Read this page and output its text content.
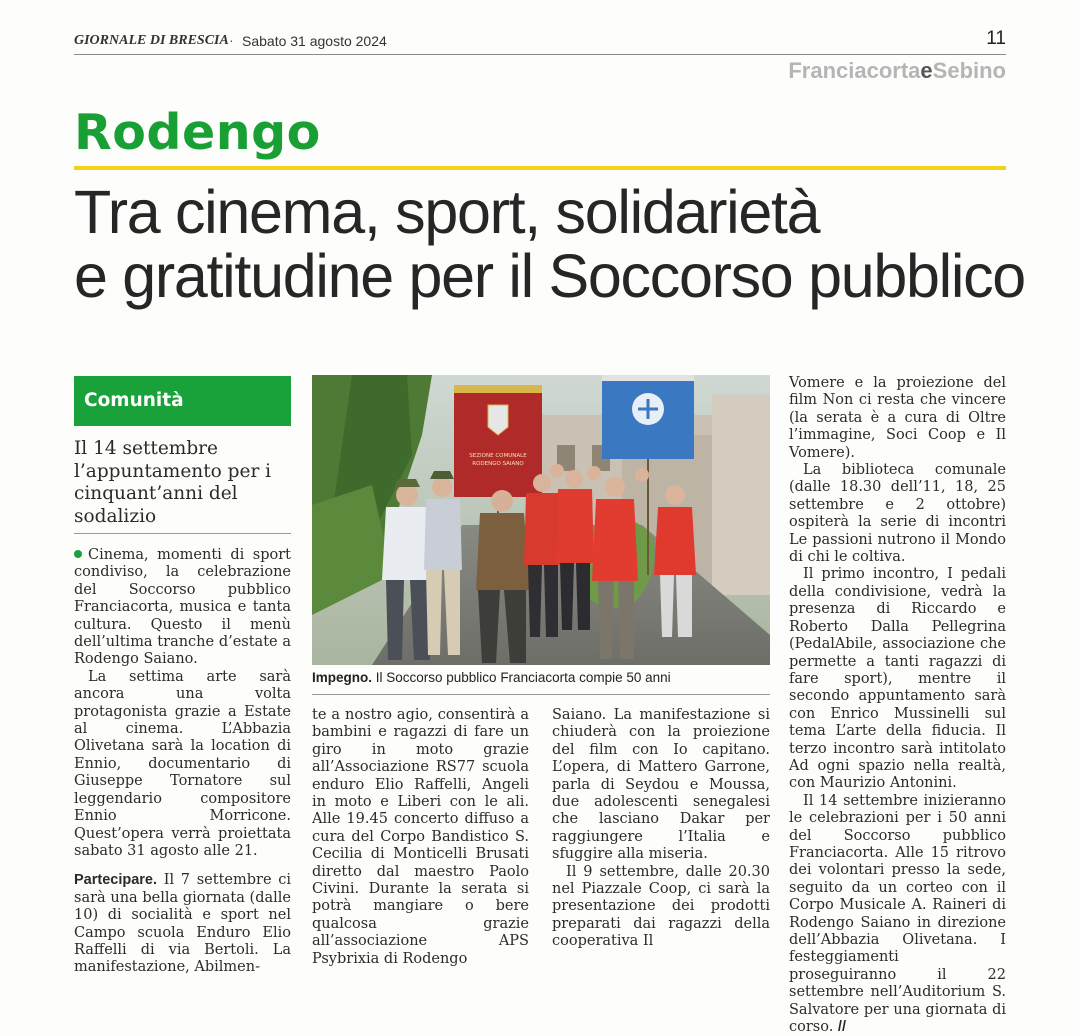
GIORNALE DI BRESCIA · Sabato 31 agosto 2024	11
FranciacortaeSebino
Rodengo
Tra cinema, sport, solidarietà
e gratitudine per il Soccorso pubblico
Comunità
Il 14 settembre l’appuntamento per i cinquant’anni del sodalizio

Cinema, momenti di sport condiviso, la celebrazione del Soccorso pubblico Franciacorta, musica e tanta cultura. Questo il menù dell’ultima tranche d’estate a Rodengo Saiano.

La settima arte sarà ancora una volta protagonista grazie a Estate al cinema. L’Abbazia Olivetana sarà la location di Ennio, documentario di Giuseppe Tornatore sul leggendario compositore Ennio Morricone. Quest’opera verrà proiettata sabato 31 agosto alle 21.

Partecipare. Il 7 settembre ci sarà una bella giornata (dalle 10) di socialità e sport nel Campo scuola Enduro Elio Raffelli di via Bertoli. La manifestazione, Abilmen-

SEZIONE COMUNALE
RODENGO SAIANO
Impegno. Il Soccorso pubblico Franciacorta compie 50 anni

te a nostro agio, consentirà a bambini e ragazzi di fare un giro in moto grazie all’Associazione RS77 scuola enduro Elio Raffelli, Angeli in moto e Liberi con le ali. Alle 19.45 concerto diffuso a cura del Corpo Bandistico S. Cecilia di Monticelli Brusati diretto dal maestro Paolo Civini. Durante la serata si potrà mangiare o bere qualcosa grazie all’associazione APS Psybrixia di Rodengo

Saiano. La manifestazione si chiuderà con la proiezione del film con Io capitano. L’opera, di Mattero Garrone, parla di Seydou e Moussa, due adolescenti senegalesi che lasciano Dakar per raggiungere l’Italia e sfuggire alla miseria.

Il 9 settembre, dalle 20.30 nel Piazzale Coop, ci sarà la presentazione dei prodotti preparati dai ragazzi della cooperativa Il

Vomere e la proiezione del film Non ci resta che vincere (la serata è a cura di Oltre l’immagine, Soci Coop e Il Vomere).

La biblioteca comunale (dalle 18.30 dell’11, 18, 25 settembre e 2 ottobre) ospiterà la serie di incontri Le passioni nutrono il Mondo di chi le coltiva.

Il primo incontro, I pedali della condivisione, vedrà la presenza di Riccardo e Roberto Dalla Pellegrina (PedalAbile, associazione che permette a tanti ragazzi di fare sport), mentre il secondo appuntamento sarà con Enrico Mussinelli sul tema L’arte della fiducia. Il terzo incontro sarà intitolato Ad ogni spazio nella realtà, con Maurizio Antonini.

Il 14 settembre inizieranno le celebrazioni per i 50 anni del Soccorso pubblico Franciacorta. Alle 15 ritrovo dei volontari presso la sede, seguito da un corteo con il Corpo Musicale A. Raineri di Rodengo Saiano in direzione dell’Abbazia Olivetana. I festeggiamenti proseguiranno il 22 settembre nell’Auditorium S. Salvatore per una giornata di corso. //
